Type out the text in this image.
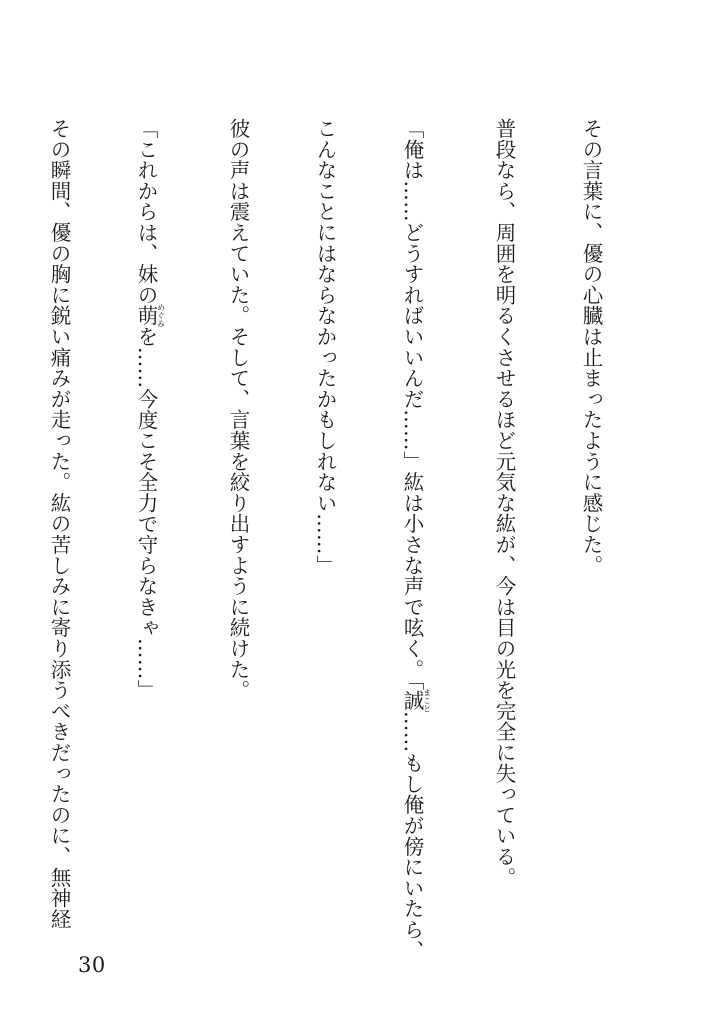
その言葉に、優の心臓は止まったように感じた。

普段なら、周囲を明るくさせるほど元気な紘が、今は目の光を完全に失っている。

「俺は……どうすればいいんだ……」紘は小さな声で呟く。「誠まこと……もし俺が傍にいたら、

こんなことにはならなかったかもしれない……」

彼の声は震えていた。そして、言葉を絞り出すように続けた。

「これからは、妹の萌めぐみを……今度こそ全力で守らなきゃ……」

その瞬間、優の胸に鋭い痛みが走った。紘の苦しみに寄り添うべきだったのに、無神経

30
